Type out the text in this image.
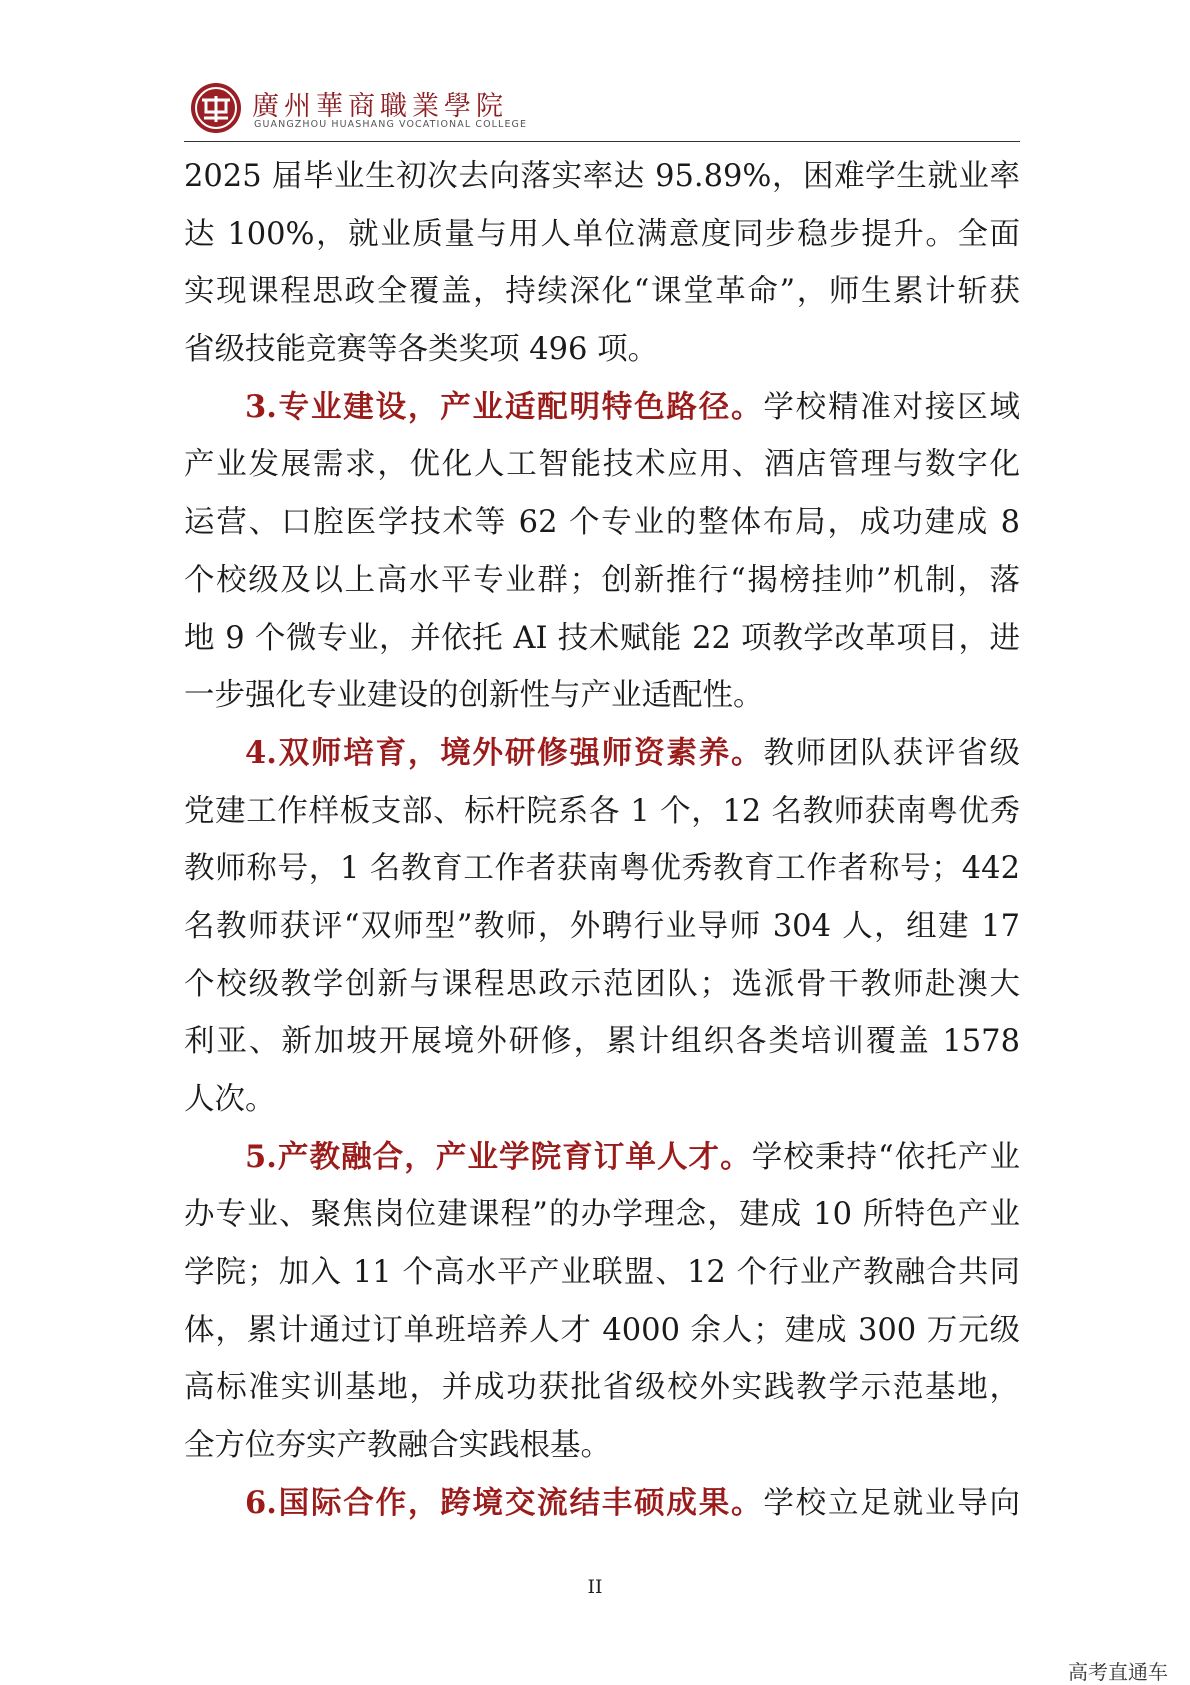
廣州華商職業學院
GUANGZHOU HUASHANG VOCATIONAL COLLEGE
2025 届毕业生初次去向落实率达 95.89%，困难学生就业率
达 100%，就业质量与用人单位满意度同步稳步提升。全面
实现课程思政全覆盖，持续深化“课堂革命”，师生累计斩获
省级技能竞赛等各类奖项 496 项。
3.专业建设，产业适配明特色路径。学校精准对接区域
产业发展需求，优化人工智能技术应用、酒店管理与数字化
运营、口腔医学技术等 62 个专业的整体布局，成功建成 8
个校级及以上高水平专业群；创新推行“揭榜挂帅”机制，落
地 9 个微专业，并依托 AI 技术赋能 22 项教学改革项目，进
一步强化专业建设的创新性与产业适配性。
4.双师培育，境外研修强师资素养。教师团队获评省级
党建工作样板支部、标杆院系各 1 个，12 名教师获南粤优秀
教师称号，1 名教育工作者获南粤优秀教育工作者称号；442
名教师获评“双师型”教师，外聘行业导师 304 人，组建 17
个校级教学创新与课程思政示范团队；选派骨干教师赴澳大
利亚、新加坡开展境外研修，累计组织各类培训覆盖 1578
人次。
5.产教融合，产业学院育订单人才。学校秉持“依托产业
办专业、聚焦岗位建课程”的办学理念，建成 10 所特色产业
学院；加入 11 个高水平产业联盟、12 个行业产教融合共同
体，累计通过订单班培养人才 4000 余人；建成 300 万元级
高标准实训基地，并成功获批省级校外实践教学示范基地，
全方位夯实产教融合实践根基。
6.国际合作，跨境交流结丰硕成果。学校立足就业导向
II
高考直通车
